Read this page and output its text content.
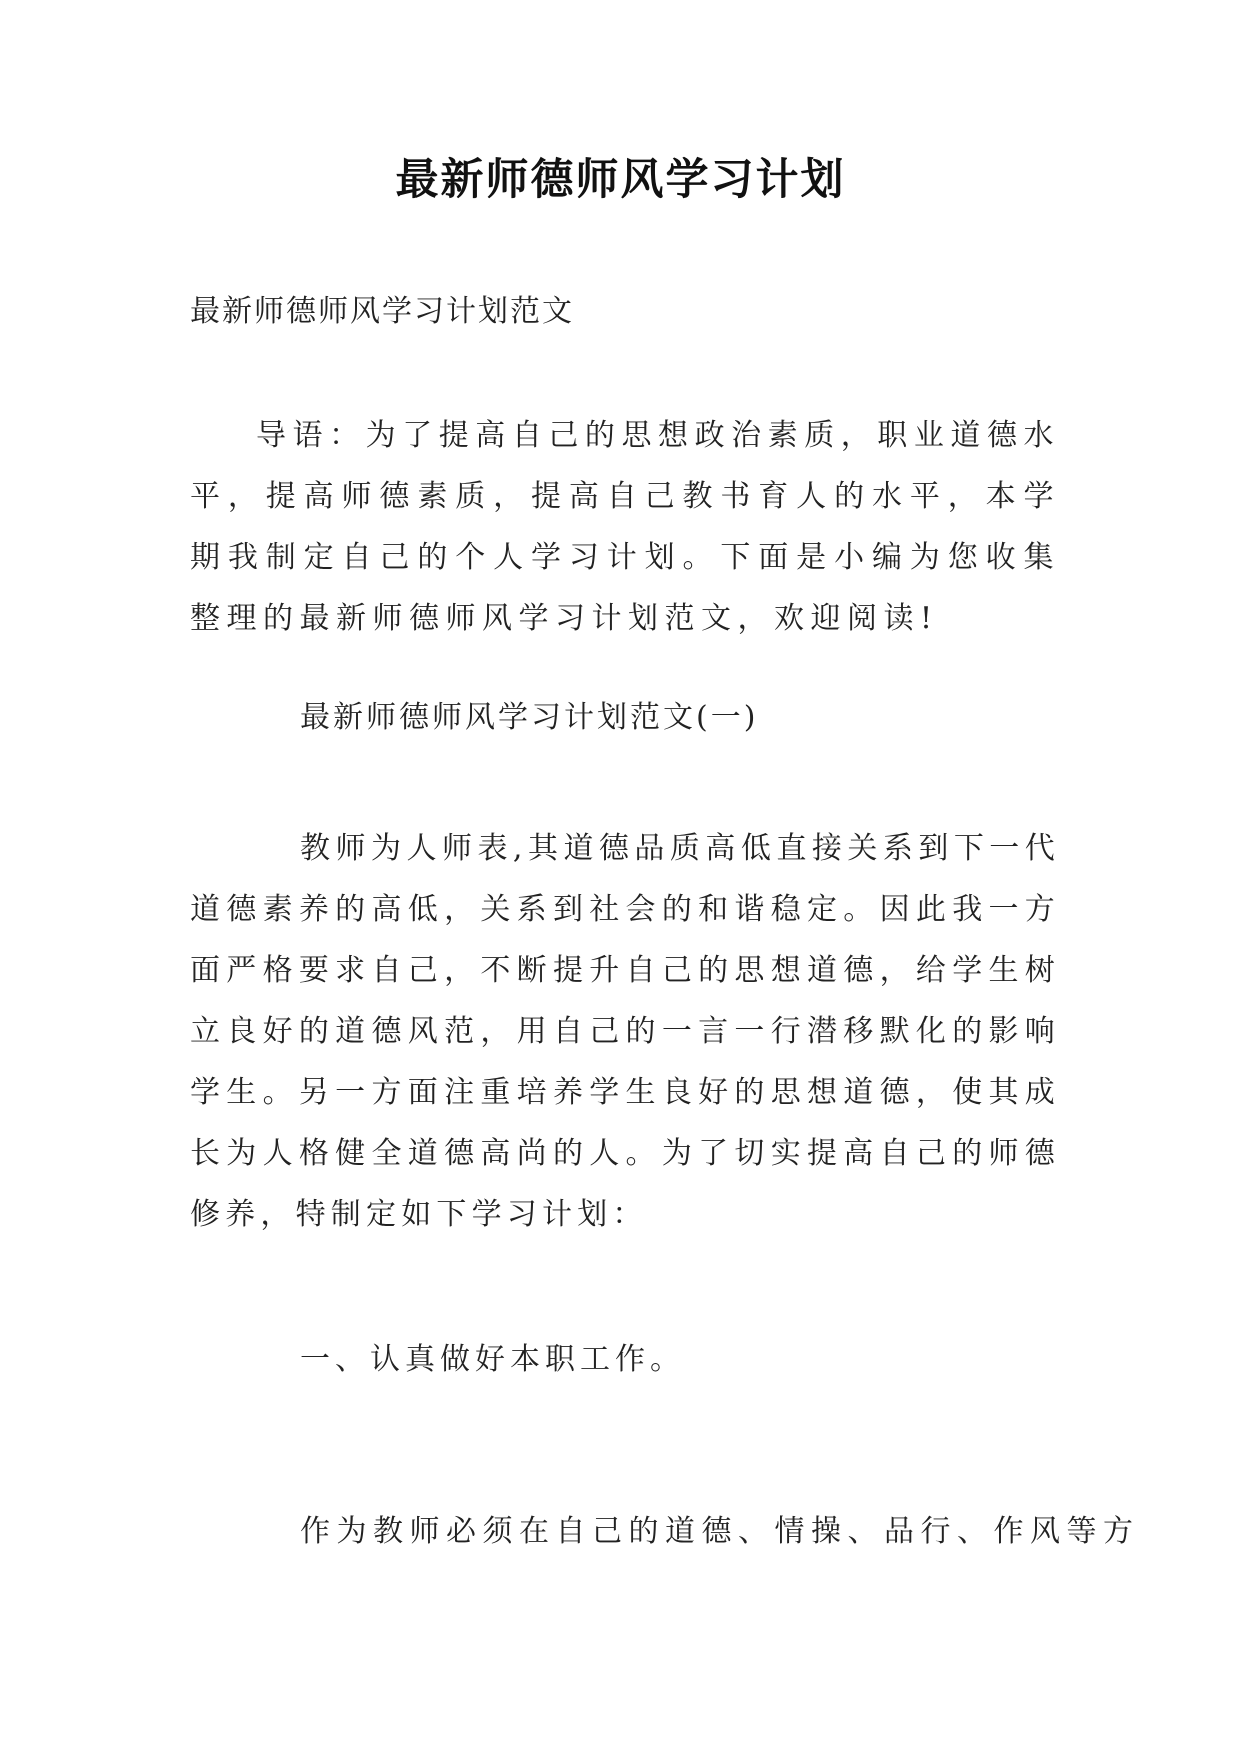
最新师德师风学习计划
最新师德师风学习计划范文

导语：为了提高自己的思想政治素质，职业道德水平，提高师德素质，提高自己教书育人的水平，本学期我制定自己的个人学习计划。下面是小编为您收集整理的最新师德师风学习计划范文，欢迎阅读!

最新师德师风学习计划范文(一)

教师为人师表,其道德品质高低直接关系到下一代道德素养的高低，关系到社会的和谐稳定。因此我一方面严格要求自己，不断提升自己的思想道德，给学生树立良好的道德风范，用自己的一言一行潜移默化的影响学生。另一方面注重培养学生良好的思想道德，使其成长为人格健全道德高尚的人。为了切实提高自己的师德修养，特制定如下学习计划：

一、认真做好本职工作。
作为教师必须在自己的道德、情操、品行、作风等方
